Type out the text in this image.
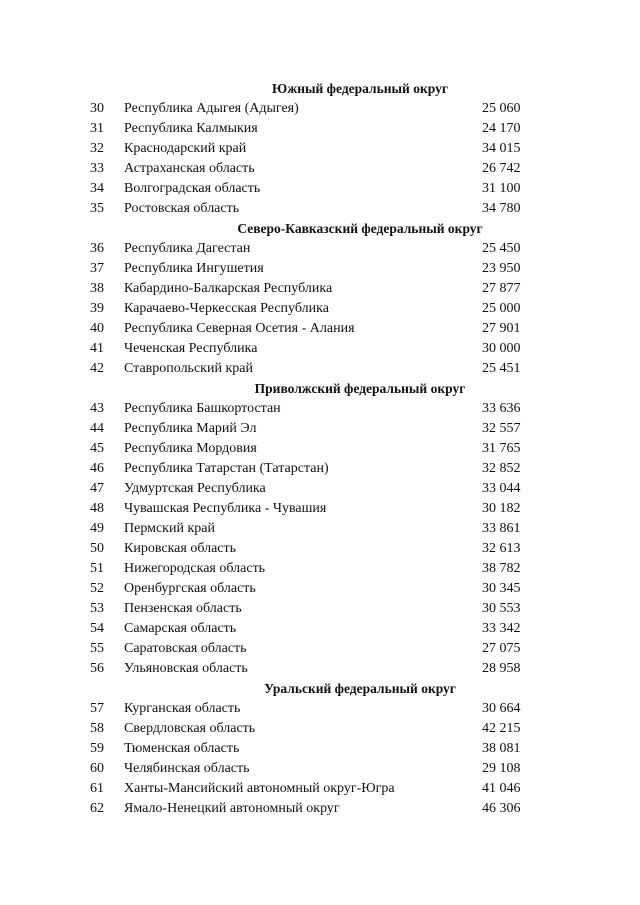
Южный федеральный округ
30	Республика Адыгея (Адыгея)	25 060
31	Республика Калмыкия	24 170
32	Краснодарский край	34 015
33	Астраханская область	26 742
34	Волгоградская область	31 100
35	Ростовская область	34 780
Северо-Кавказский федеральный округ
36	Республика Дагестан	25 450
37	Республика Ингушетия	23 950
38	Кабардино-Балкарская Республика	27 877
39	Карачаево-Черкесская Республика	25 000
40	Республика Северная Осетия - Алания	27 901
41	Чеченская Республика	30 000
42	Ставропольский край	25 451
Приволжский федеральный округ
43	Республика Башкортостан	33 636
44	Республика Марий Эл	32 557
45	Республика Мордовия	31 765
46	Республика Татарстан (Татарстан)	32 852
47	Удмуртская Республика	33 044
48	Чувашская Республика - Чувашия	30 182
49	Пермский край	33 861
50	Кировская область	32 613
51	Нижегородская область	38 782
52	Оренбургская область	30 345
53	Пензенская область	30 553
54	Самарская область	33 342
55	Саратовская область	27 075
56	Ульяновская область	28 958
Уральский федеральный округ
57	Курганская область	30 664
58	Свердловская область	42 215
59	Тюменская область	38 081
60	Челябинская область	29 108
61	Ханты-Мансийский автономный округ-Югра	41 046
62	Ямало-Ненецкий автономный округ	46 306
